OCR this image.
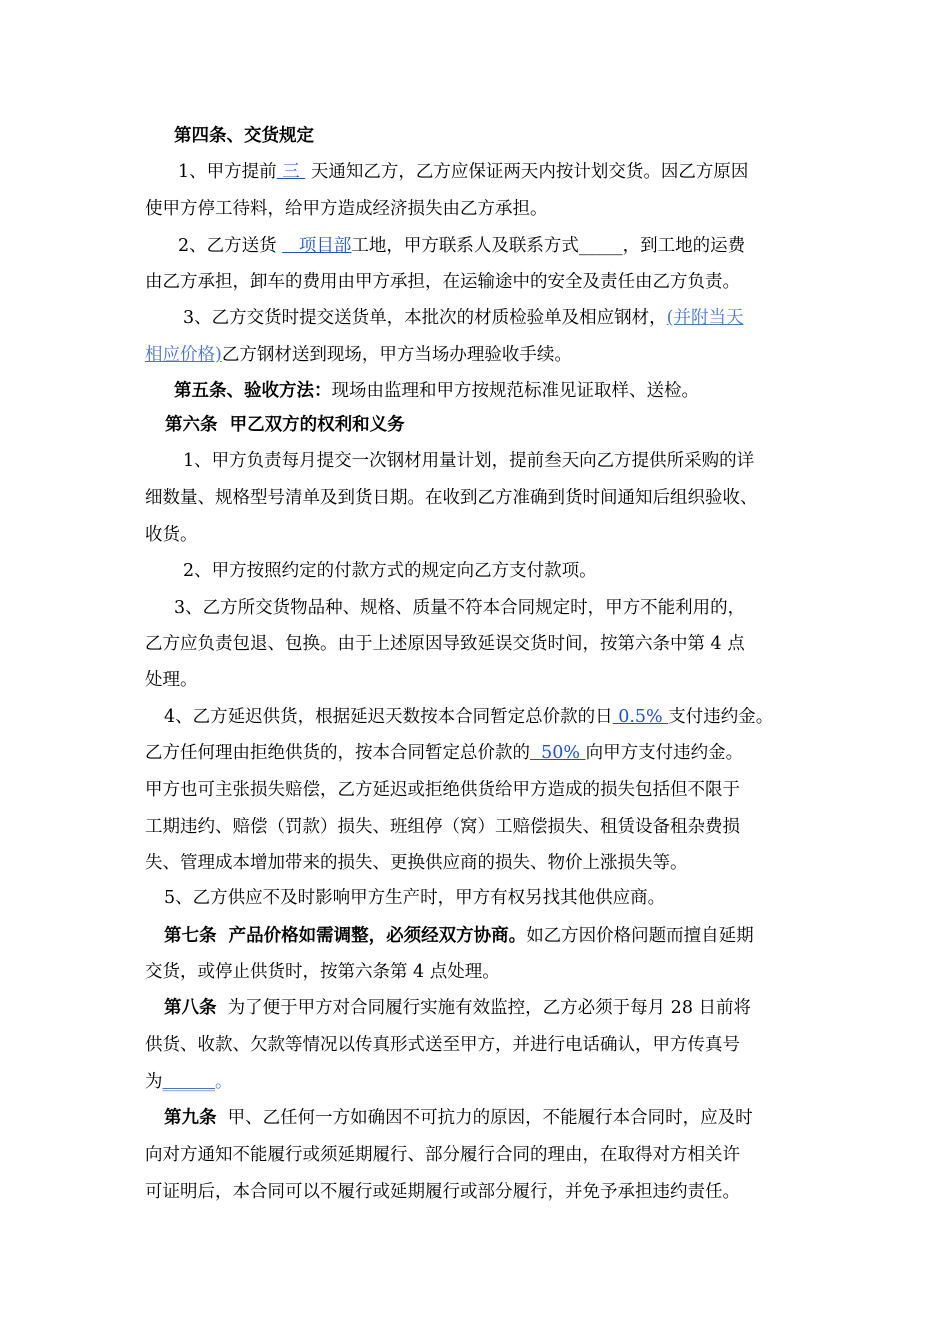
第四条、交货规定
1、甲方提前 三  天通知乙方，乙方应保证两天内按计划交货。因乙方原因
使甲方停工待料，给甲方造成经济损失由乙方承担。
2、乙方送货    项目部工地，甲方联系人及联系方式_____，到工地的运费
由乙方承担，卸车的费用由甲方承担，在运输途中的安全及责任由乙方负责。
3、乙方交货时提交送货单，本批次的材质检验单及相应钢材，(并附当天
相应价格)乙方钢材送到现场，甲方当场办理验收手续。
第五条、验收方法：现场由监理和甲方按规范标准见证取样、送检。
第六条  甲乙双方的权利和义务
1、甲方负责每月提交一次钢材用量计划，提前叁天向乙方提供所采购的详
细数量、规格型号清单及到货日期。在收到乙方准确到货时间通知后组织验收、
收货。
2、甲方按照约定的付款方式的规定向乙方支付款项。
3、乙方所交货物品种、规格、质量不符本合同规定时，甲方不能利用的，
乙方应负责包退、包换。由于上述原因导致延误交货时间，按第六条中第 4 点
处理。
4、乙方延迟供货，根据延迟天数按本合同暂定总价款的日 0.5% 支付违约金。
乙方任何理由拒绝供货的，按本合同暂定总价款的  50% 向甲方支付违约金。
甲方也可主张损失赔偿，乙方延迟或拒绝供货给甲方造成的损失包括但不限于
工期违约、赔偿（罚款）损失、班组停（窝）工赔偿损失、租赁设备租杂费损
失、管理成本增加带来的损失、更换供应商的损失、物价上涨损失等。
5、乙方供应不及时影响甲方生产时，甲方有权另找其他供应商。
第七条  产品价格如需调整，必须经双方协商。如乙方因价格问题而擅自延期
交货，或停止供货时，按第六条第 4 点处理。
第八条  为了便于甲方对合同履行实施有效监控，乙方必须于每月 28 日前将
供货、收款、欠款等情况以传真形式送至甲方，并进行电话确认，甲方传真号
为______。
第九条  甲、乙任何一方如确因不可抗力的原因，不能履行本合同时，应及时
向对方通知不能履行或须延期履行、部分履行合同的理由，在取得对方相关许
可证明后，本合同可以不履行或延期履行或部分履行，并免予承担违约责任。
